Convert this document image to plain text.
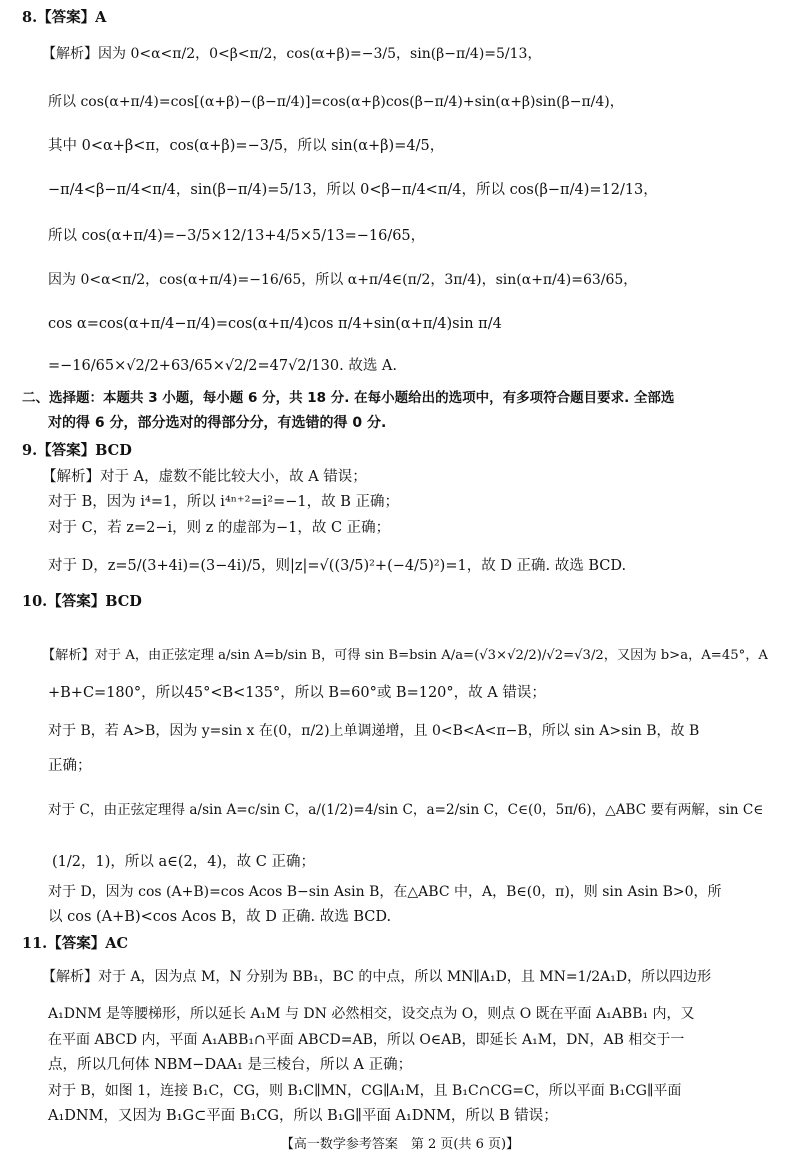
8.【答案】A
【解析】因为 0<α<π/2，0<β<π/2，cos(α+β)=−3/5，sin(β−π/4)=5/13，
所以 cos(α+π/4)=cos[(α+β)−(β−π/4)]=cos(α+β)cos(β−π/4)+sin(α+β)sin(β−π/4)，
其中 0<α+β<π，cos(α+β)=−3/5，所以 sin(α+β)=4/5，
−π/4<β−π/4<π/4，sin(β−π/4)=5/13，所以 0<β−π/4<π/4，所以 cos(β−π/4)=12/13，
所以 cos(α+π/4)=−3/5×12/13+4/5×5/13=−16/65，
因为 0<α<π/2，cos(α+π/4)=−16/65，所以 α+π/4∈(π/2，3π/4)，sin(α+π/4)=63/65，
cos α=cos(α+π/4−π/4)=cos(α+π/4)cos π/4+sin(α+π/4)sin π/4
=−16/65×√2/2+63/65×√2/2=47√2/130. 故选 A.
二、选择题：本题共 3 小题，每小题 6 分，共 18 分. 在每小题给出的选项中，有多项符合题目要求. 全部选
对的得 6 分，部分选对的得部分分，有选错的得 0 分.
9.【答案】BCD
【解析】对于 A，虚数不能比较大小，故 A 错误；
对于 B，因为 i⁴=1，所以 i⁴ⁿ⁺²=i²=−1，故 B 正确；
对于 C，若 z=2−i，则 z 的虚部为−1，故 C 正确；
对于 D，z=5/(3+4i)=(3−4i)/5，则|z|=√((3/5)²+(−4/5)²)=1，故 D 正确. 故选 BCD.
10.【答案】BCD
【解析】对于 A，由正弦定理 a/sin A=b/sin B，可得 sin B=bsin A/a=(√3×√2/2)/√2=√3/2，又因为 b>a，A=45°，A
+B+C=180°，所以45°<B<135°，所以 B=60°或 B=120°，故 A 错误；
对于 B，若 A>B，因为 y=sin x 在(0，π/2)上单调递增，且 0<B<A<π−B，所以 sin A>sin B，故 B
正确；
对于 C，由正弦定理得 a/sin A=c/sin C，a/(1/2)=4/sin C，a=2/sin C，C∈(0，5π/6)，△ABC 要有两解，sin C∈
(1/2，1)，所以 a∈(2，4)，故 C 正确；
对于 D，因为 cos (A+B)=cos Acos B−sin Asin B，在△ABC 中，A，B∈(0，π)，则 sin Asin B>0，所
以 cos (A+B)<cos Acos B，故 D 正确. 故选 BCD.
11.【答案】AC
【解析】对于 A，因为点 M，N 分别为 BB₁，BC 的中点，所以 MN∥A₁D，且 MN=1/2A₁D，所以四边形
A₁DNM 是等腰梯形，所以延长 A₁M 与 DN 必然相交，设交点为 O，则点 O 既在平面 A₁ABB₁ 内，又
在平面 ABCD 内，平面 A₁ABB₁∩平面 ABCD=AB，所以 O∈AB，即延长 A₁M，DN，AB 相交于一
点，所以几何体 NBM−DAA₁ 是三棱台，所以 A 正确；
对于 B，如图 1，连接 B₁C，CG，则 B₁C∥MN，CG∥A₁M，且 B₁C∩CG=C，所以平面 B₁CG∥平面
A₁DNM，又因为 B₁G⊂平面 B₁CG，所以 B₁G∥平面 A₁DNM，所以 B 错误；
【高一数学参考答案　第 2 页(共 6 页)】
